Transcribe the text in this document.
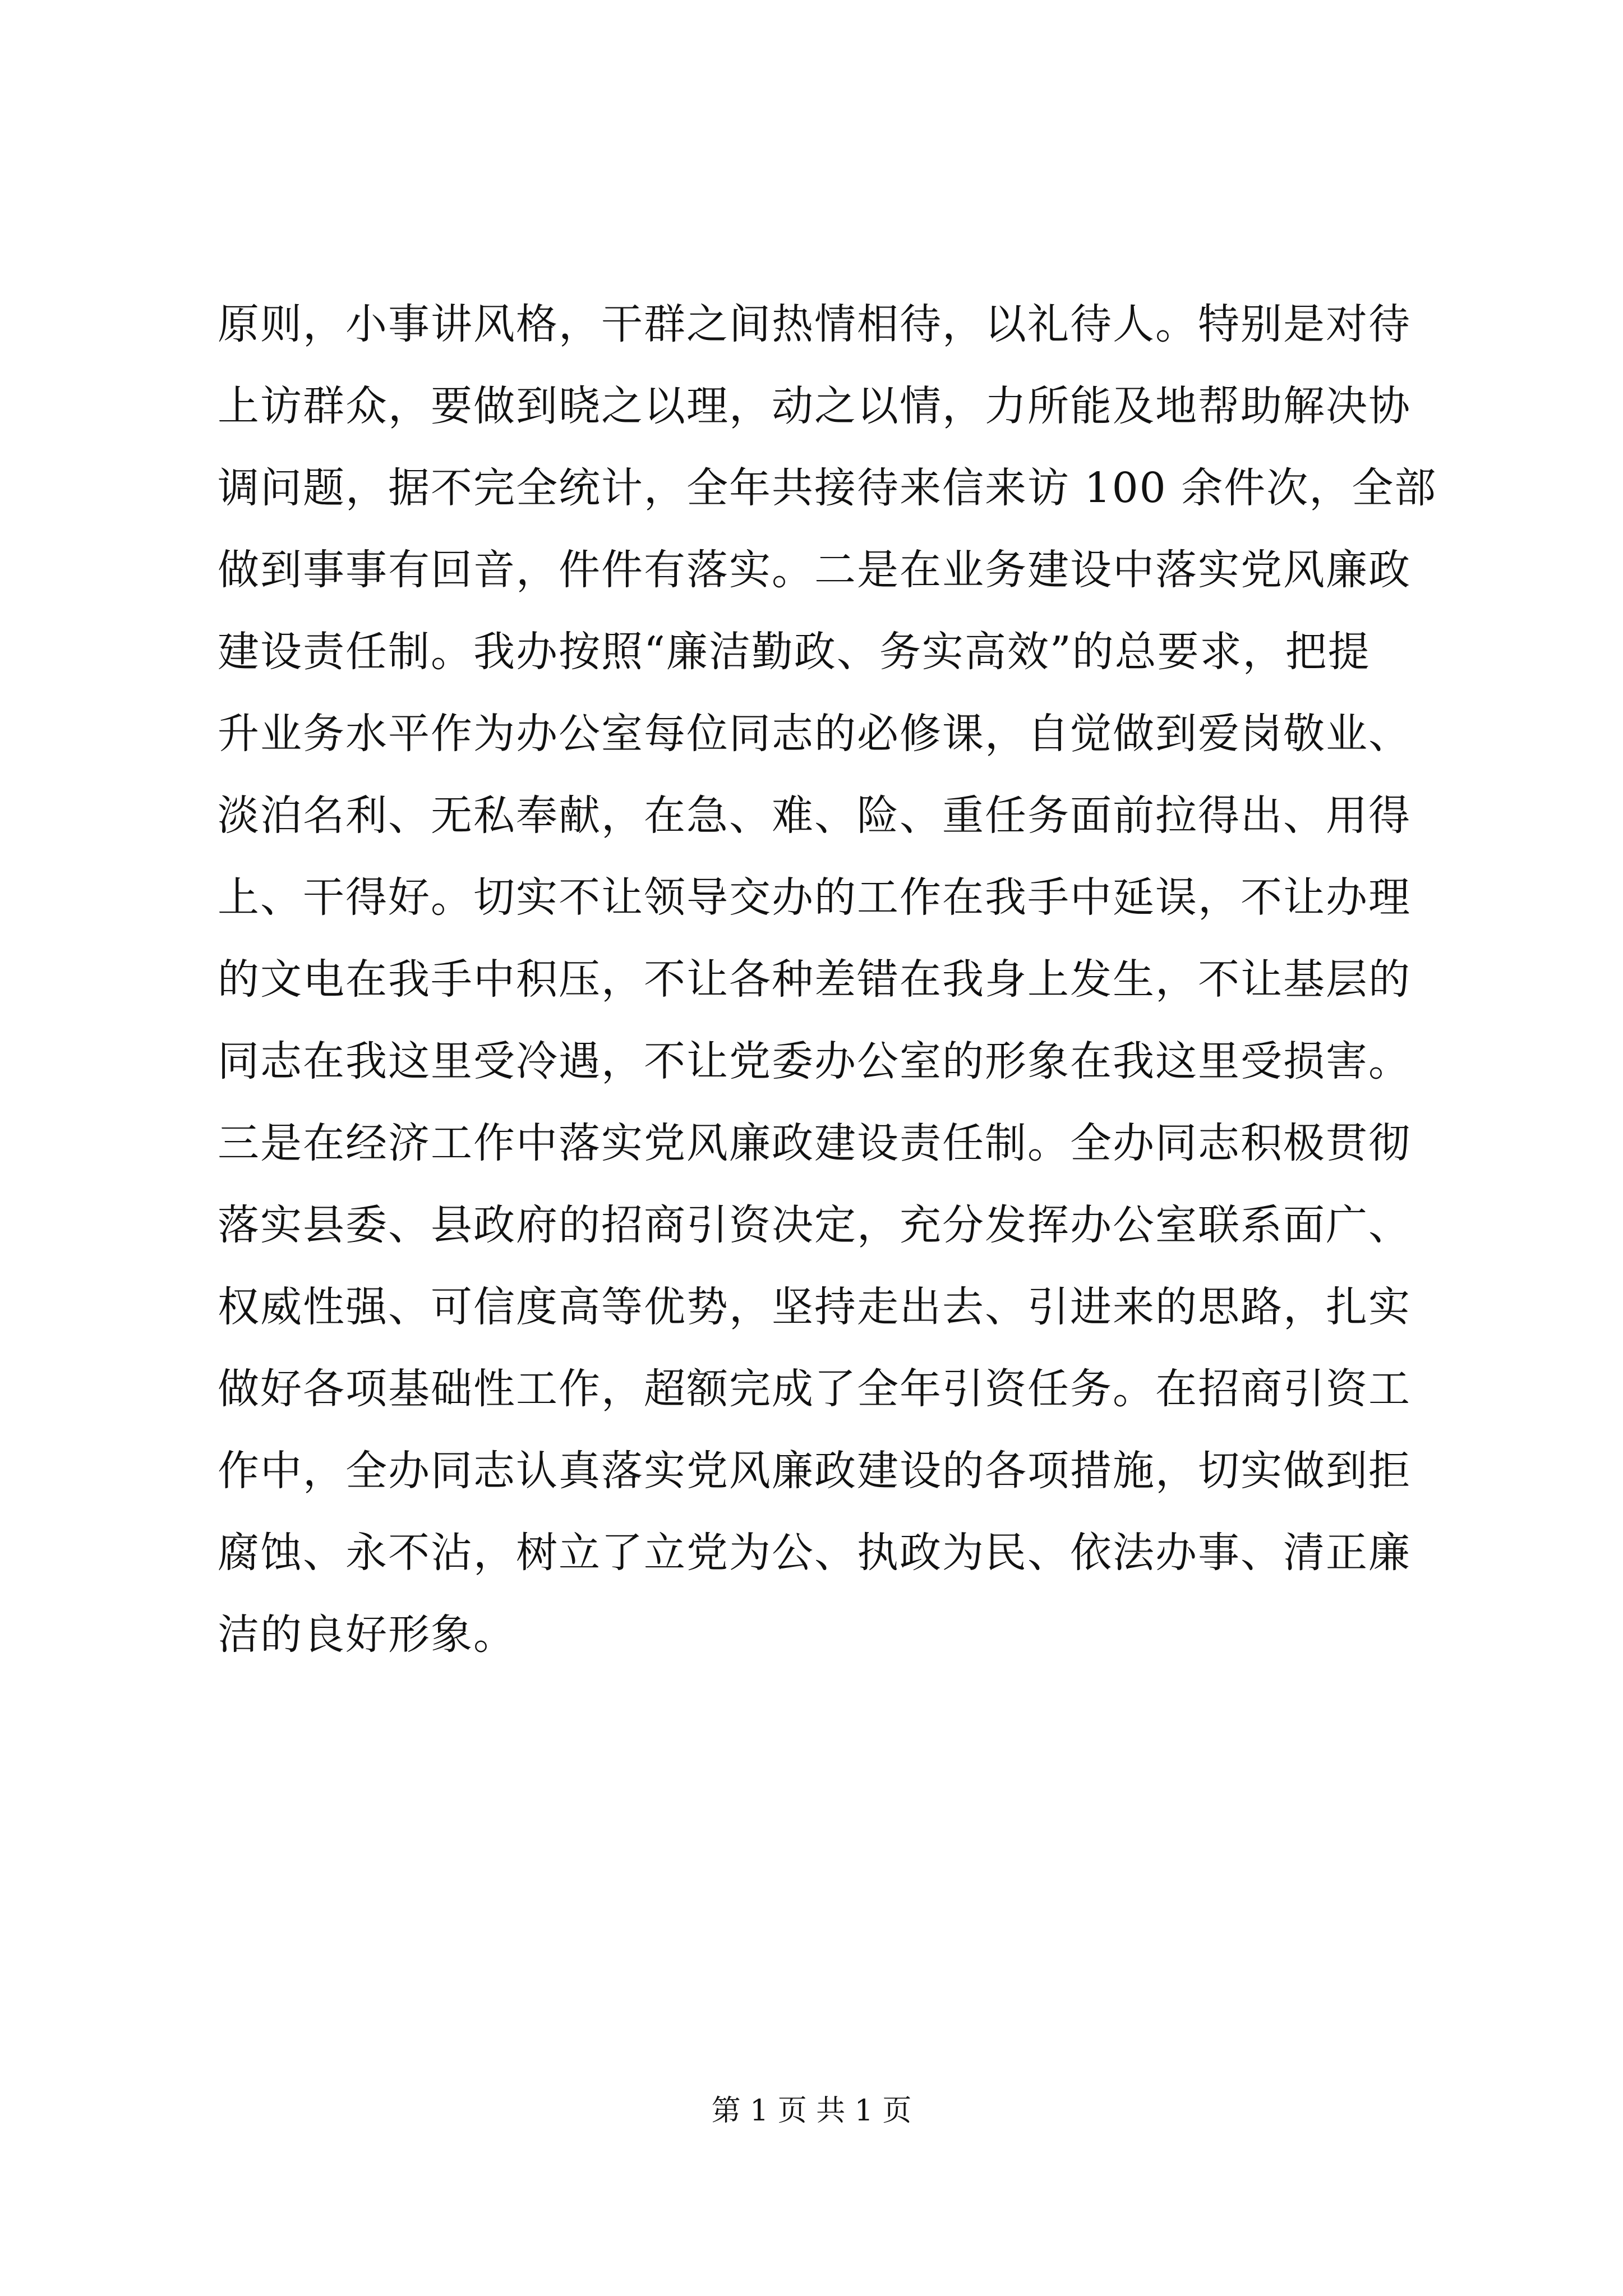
原则，小事讲风格，干群之间热情相待，以礼待人。特别是对待
上访群众，要做到晓之以理，动之以情，力所能及地帮助解决协
调问题，据不完全统计，全年共接待来信来访 100 余件次，全部
做到事事有回音，件件有落实。二是在业务建设中落实党风廉政
建设责任制。我办按照“廉洁勤政、务实高效”的总要求，把提
升业务水平作为办公室每位同志的必修课，自觉做到爱岗敬业、
淡泊名利、无私奉献，在急、难、险、重任务面前拉得出、用得
上、干得好。切实不让领导交办的工作在我手中延误，不让办理
的文电在我手中积压，不让各种差错在我身上发生，不让基层的
同志在我这里受冷遇，不让党委办公室的形象在我这里受损害。
三是在经济工作中落实党风廉政建设责任制。全办同志积极贯彻
落实县委、县政府的招商引资决定，充分发挥办公室联系面广、
权威性强、可信度高等优势，坚持走出去、引进来的思路，扎实
做好各项基础性工作，超额完成了全年引资任务。在招商引资工
作中，全办同志认真落实党风廉政建设的各项措施，切实做到拒
腐蚀、永不沾，树立了立党为公、执政为民、依法办事、清正廉
洁的良好形象。
第 1 页 共 1 页
